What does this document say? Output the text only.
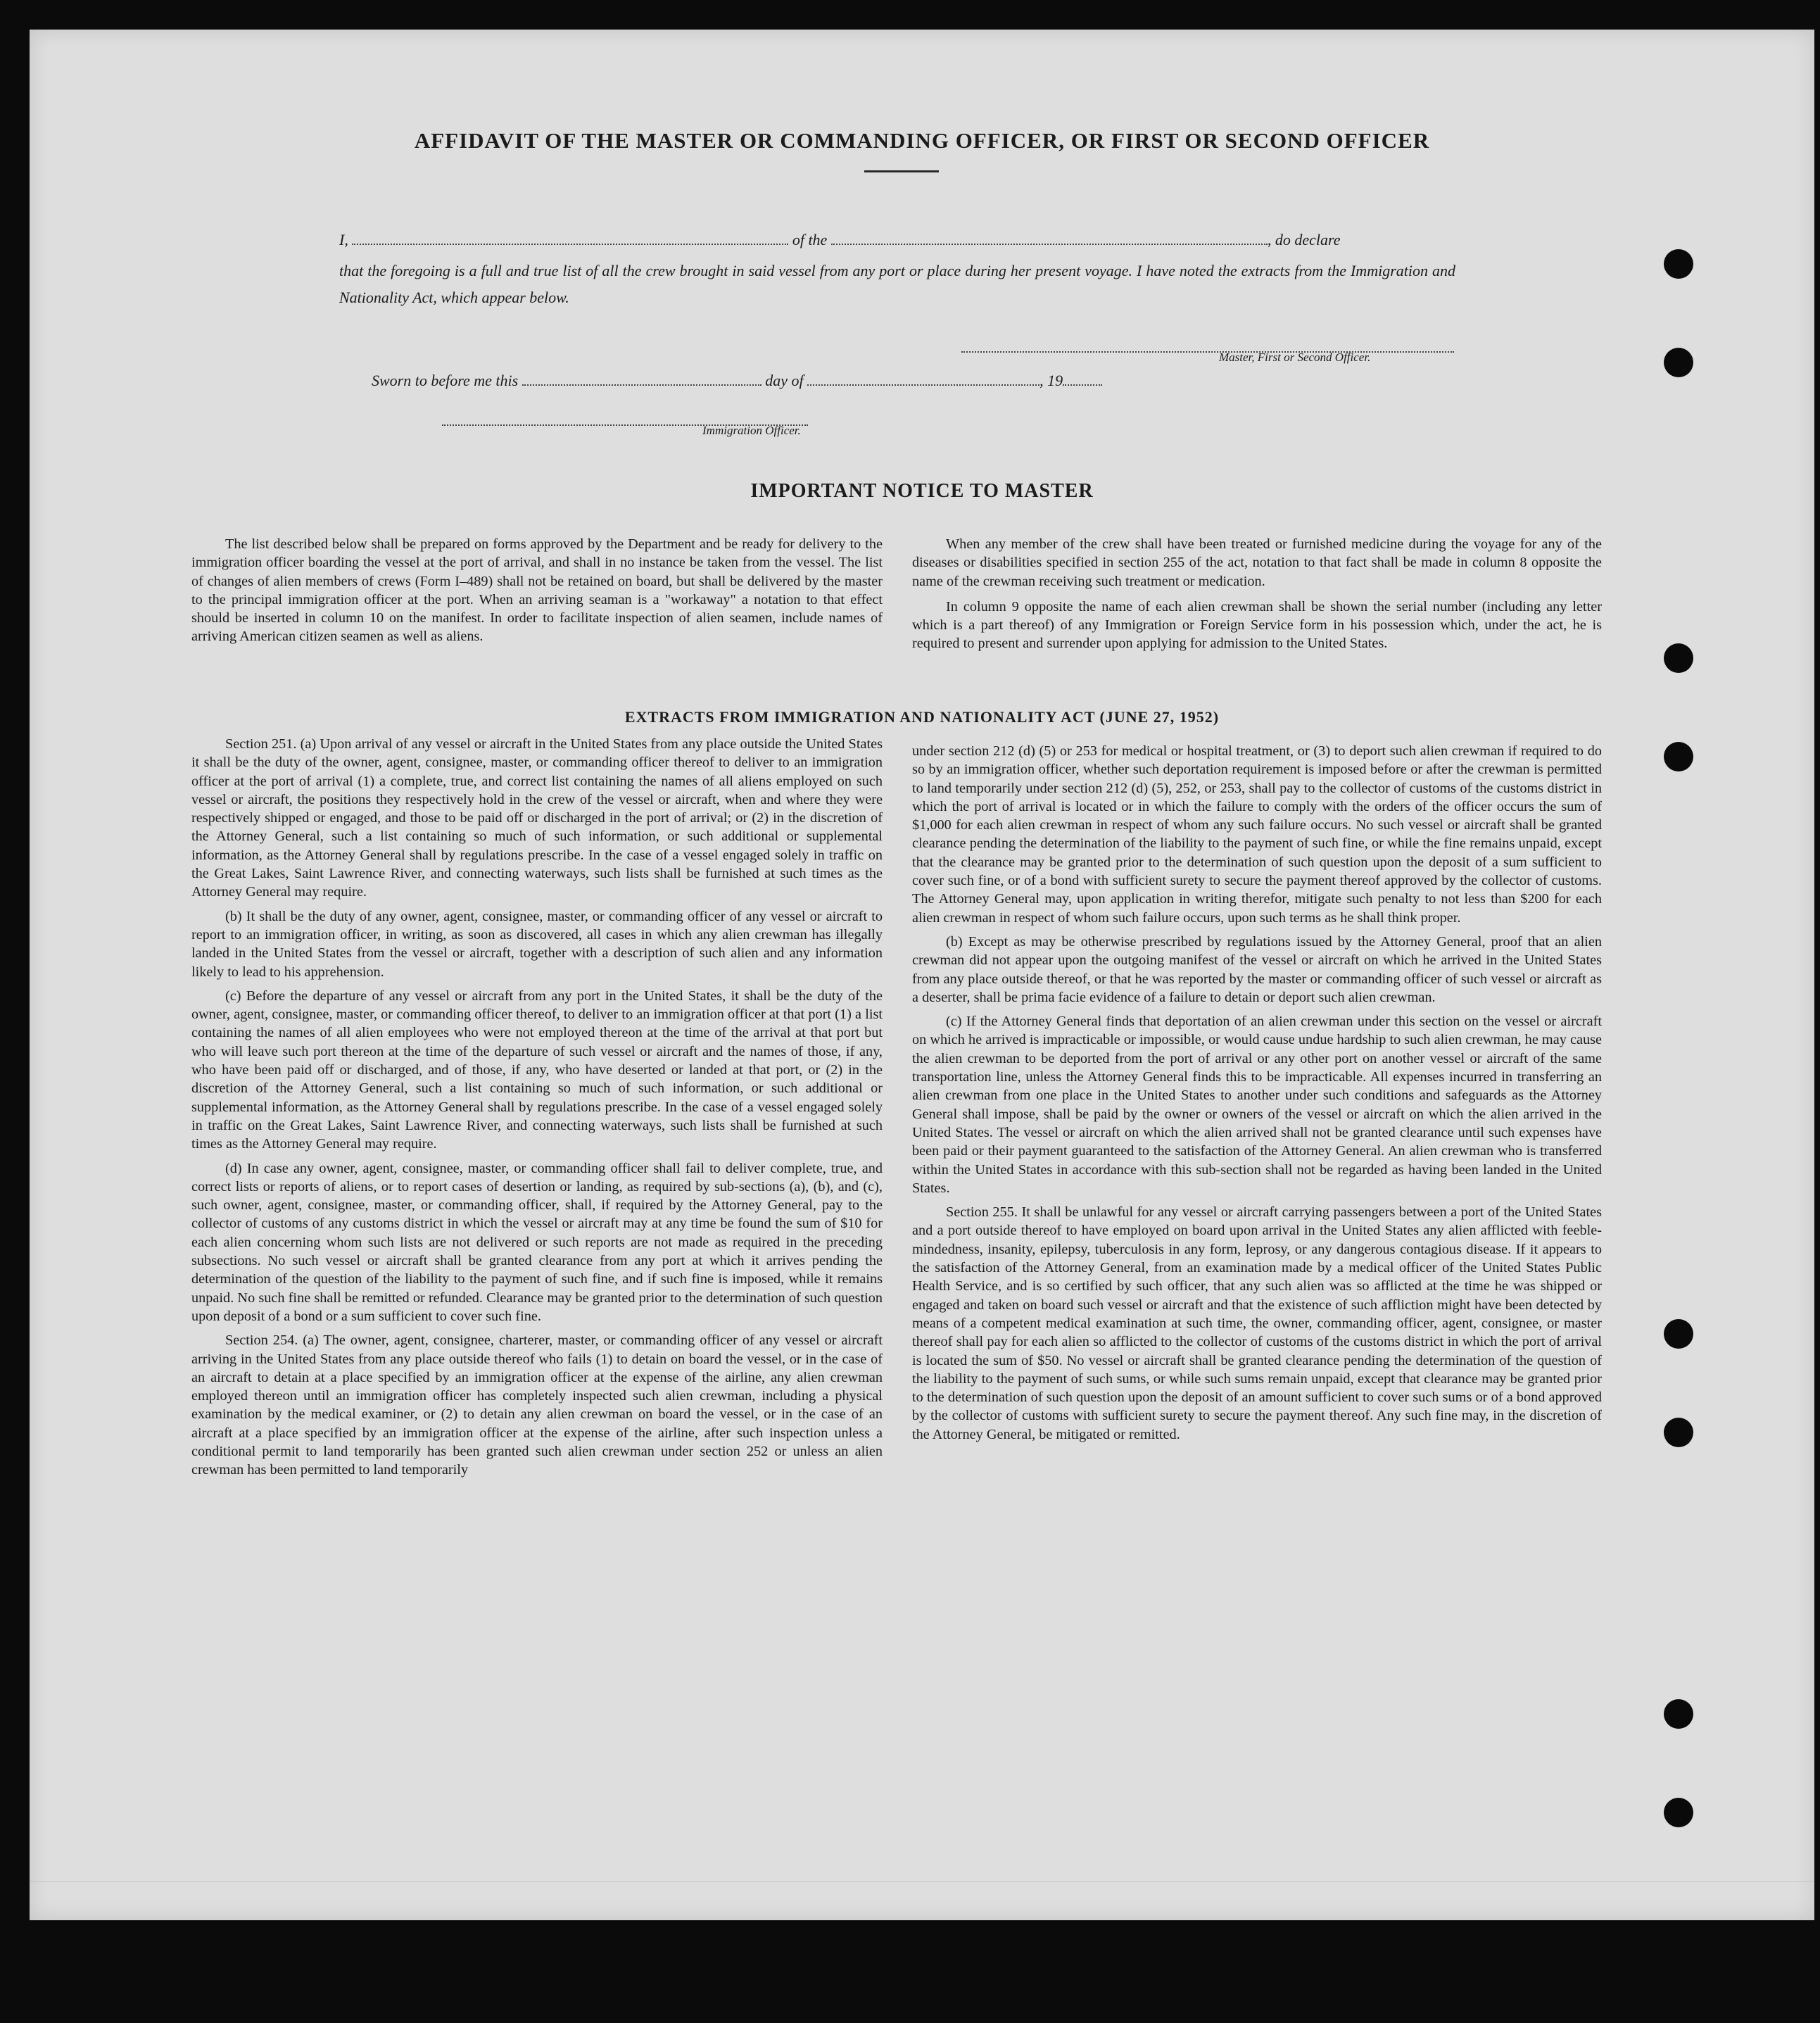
AFFIDAVIT OF THE MASTER OR COMMANDING OFFICER, OR FIRST OR SECOND OFFICER
I,	of the	, do declare
that the foregoing is a full and true list of all the crew brought in said vessel from any port or place during her present voyage. I have noted the extracts from the Immigration and Nationality Act, which appear below.
Master, First or Second Officer.
Sworn to before me this	day of	, 19
Immigration Officer.
IMPORTANT NOTICE TO MASTER

The list described below shall be prepared on forms approved by the Department and be ready for delivery to the immigration officer boarding the vessel at the port of arrival, and shall in no instance be taken from the vessel. The list of changes of alien members of crews (Form I–489) shall not be retained on board, but shall be delivered by the master to the principal immigration officer at the port. When an arriving seaman is a "workaway" a notation to that effect should be inserted in column 10 on the manifest. In order to facilitate inspection of alien seamen, include names of arriving American citizen seamen as well as aliens.

When any member of the crew shall have been treated or furnished medicine during the voyage for any of the diseases or disabilities specified in section 255 of the act, notation to that fact shall be made in column 8 opposite the name of the crewman receiving such treatment or medication.

In column 9 opposite the name of each alien crewman shall be shown the serial number (including any letter which is a part thereof) of any Immigration or Foreign Service form in his possession which, under the act, he is required to present and surrender upon applying for admission to the United States.

EXTRACTS FROM IMMIGRATION AND NATIONALITY ACT (JUNE 27, 1952)

Section 251. (a) Upon arrival of any vessel or aircraft in the United States from any place outside the United States it shall be the duty of the owner, agent, consignee, master, or commanding officer thereof to deliver to an immigration officer at the port of arrival (1) a complete, true, and correct list containing the names of all aliens employed on such vessel or aircraft, the positions they respectively hold in the crew of the vessel or aircraft, when and where they were respectively shipped or engaged, and those to be paid off or discharged in the port of arrival; or (2) in the discretion of the Attorney General, such a list containing so much of such information, or such additional or supplemental information, as the Attorney General shall by regulations prescribe. In the case of a vessel engaged solely in traffic on the Great Lakes, Saint Lawrence River, and connecting waterways, such lists shall be furnished at such times as the Attorney General may require.

(b) It shall be the duty of any owner, agent, consignee, master, or commanding officer of any vessel or aircraft to report to an immigration officer, in writing, as soon as discovered, all cases in which any alien crewman has illegally landed in the United States from the vessel or aircraft, together with a description of such alien and any information likely to lead to his apprehension.

(c) Before the departure of any vessel or aircraft from any port in the United States, it shall be the duty of the owner, agent, consignee, master, or commanding officer thereof, to deliver to an immigration officer at that port (1) a list containing the names of all alien employees who were not employed thereon at the time of the arrival at that port but who will leave such port thereon at the time of the departure of such vessel or aircraft and the names of those, if any, who have been paid off or discharged, and of those, if any, who have deserted or landed at that port, or (2) in the discretion of the Attorney General, such a list containing so much of such information, or such additional or supplemental information, as the Attorney General shall by regulations prescribe. In the case of a vessel engaged solely in traffic on the Great Lakes, Saint Lawrence River, and connecting waterways, such lists shall be furnished at such times as the Attorney General may require.

(d) In case any owner, agent, consignee, master, or commanding officer shall fail to deliver complete, true, and correct lists or reports of aliens, or to report cases of desertion or landing, as required by sub-sections (a), (b), and (c), such owner, agent, consignee, master, or commanding officer, shall, if required by the Attorney General, pay to the collector of customs of any customs district in which the vessel or aircraft may at any time be found the sum of $10 for each alien concerning whom such lists are not delivered or such reports are not made as required in the preceding subsections. No such vessel or aircraft shall be granted clearance from any port at which it arrives pending the determination of the question of the liability to the payment of such fine, and if such fine is imposed, while it remains unpaid. No such fine shall be remitted or refunded. Clearance may be granted prior to the determination of such question upon deposit of a bond or a sum sufficient to cover such fine.

Section 254. (a) The owner, agent, consignee, charterer, master, or commanding officer of any vessel or aircraft arriving in the United States from any place outside thereof who fails (1) to detain on board the vessel, or in the case of an aircraft to detain at a place specified by an immigration officer at the expense of the airline, any alien crewman employed thereon until an immigration officer has completely inspected such alien crewman, including a physical examination by the medical examiner, or (2) to detain any alien crewman on board the vessel, or in the case of an aircraft at a place specified by an immigration officer at the expense of the airline, after such inspection unless a conditional permit to land temporarily has been granted such alien crewman under section 252 or unless an alien crewman has been permitted to land temporarily

under section 212 (d) (5) or 253 for medical or hospital treatment, or (3) to deport such alien crewman if required to do so by an immigration officer, whether such deportation requirement is imposed before or after the crewman is permitted to land temporarily under section 212 (d) (5), 252, or 253, shall pay to the collector of customs of the customs district in which the port of arrival is located or in which the failure to comply with the orders of the officer occurs the sum of $1,000 for each alien crewman in respect of whom any such failure occurs. No such vessel or aircraft shall be granted clearance pending the determination of the liability to the payment of such fine, or while the fine remains unpaid, except that the clearance may be granted prior to the determination of such question upon the deposit of a sum sufficient to cover such fine, or of a bond with sufficient surety to secure the payment thereof approved by the collector of customs. The Attorney General may, upon application in writing therefor, mitigate such penalty to not less than $200 for each alien crewman in respect of whom such failure occurs, upon such terms as he shall think proper.

(b) Except as may be otherwise prescribed by regulations issued by the Attorney General, proof that an alien crewman did not appear upon the outgoing manifest of the vessel or aircraft on which he arrived in the United States from any place outside thereof, or that he was reported by the master or commanding officer of such vessel or aircraft as a deserter, shall be prima facie evidence of a failure to detain or deport such alien crewman.

(c) If the Attorney General finds that deportation of an alien crewman under this section on the vessel or aircraft on which he arrived is impracticable or impossible, or would cause undue hardship to such alien crewman, he may cause the alien crewman to be deported from the port of arrival or any other port on another vessel or aircraft of the same transportation line, unless the Attorney General finds this to be impracticable. All expenses incurred in transferring an alien crewman from one place in the United States to another under such conditions and safeguards as the Attorney General shall impose, shall be paid by the owner or owners of the vessel or aircraft on which the alien arrived in the United States. The vessel or aircraft on which the alien arrived shall not be granted clearance until such expenses have been paid or their payment guaranteed to the satisfaction of the Attorney General. An alien crewman who is transferred within the United States in accordance with this sub-section shall not be regarded as having been landed in the United States.

Section 255. It shall be unlawful for any vessel or aircraft carrying passengers between a port of the United States and a port outside thereof to have employed on board upon arrival in the United States any alien afflicted with feeble-mindedness, insanity, epilepsy, tuberculosis in any form, leprosy, or any dangerous contagious disease. If it appears to the satisfaction of the Attorney General, from an examination made by a medical officer of the United States Public Health Service, and is so certified by such officer, that any such alien was so afflicted at the time he was shipped or engaged and taken on board such vessel or aircraft and that the existence of such affliction might have been detected by means of a competent medical examination at such time, the owner, commanding officer, agent, consignee, or master thereof shall pay for each alien so afflicted to the collector of customs of the customs district in which the port of arrival is located the sum of $50. No vessel or aircraft shall be granted clearance pending the determination of the question of the liability to the payment of such sums, or while such sums remain unpaid, except that clearance may be granted prior to the determination of such question upon the deposit of an amount sufficient to cover such sums or of a bond approved by the collector of customs with sufficient surety to secure the payment thereof. Any such fine may, in the discretion of the Attorney General, be mitigated or remitted.
